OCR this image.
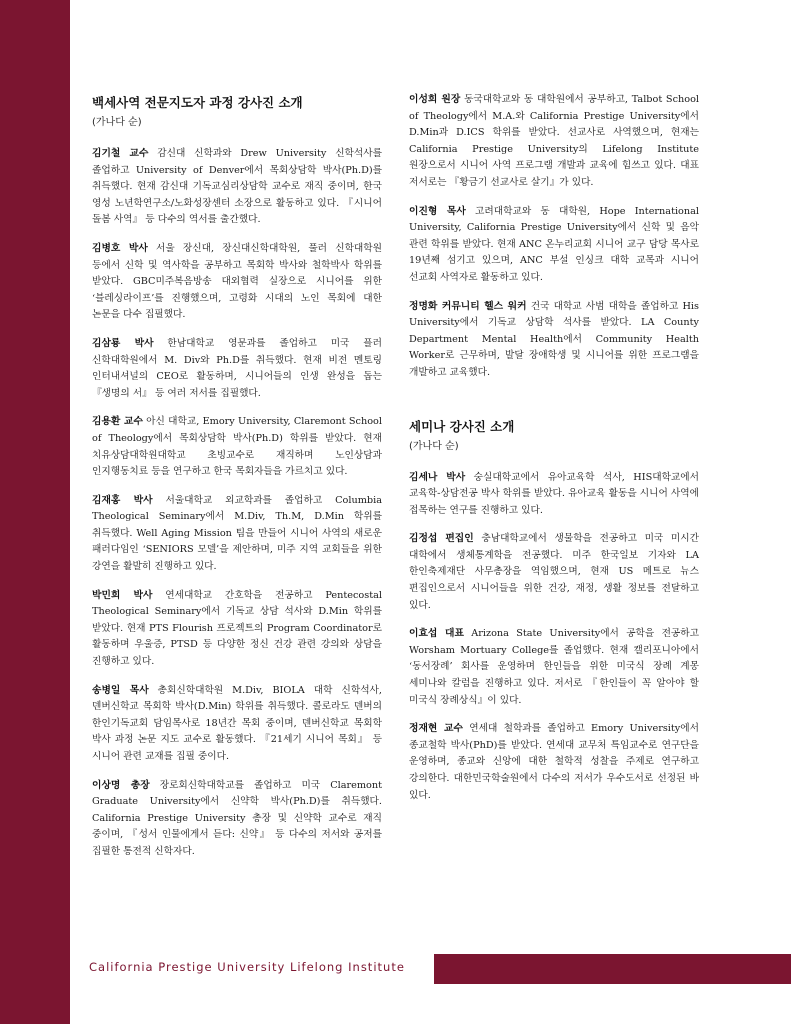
백세사역 전문지도자 과정 강사진 소개
(가나다 순)

김기철 교수 감신대 신학과와 Drew University 신학석사를 졸업하고 University of Denver에서 목회상담학 박사(Ph.D)를 취득했다. 현재 감신대 기독교심리상담학 교수로 재직 중이며, 한국 영성 노년학연구소/노화성장센터 소장으로 활동하고 있다. 『시니어 돌봄 사역』 등 다수의 역서를 출간했다.

김병호 박사 서울 장신대, 장신대신학대학원, 풀러 신학대학원 등에서 신학 및 역사학을 공부하고 목회학 박사와 철학박사 학위를 받았다. GBC미주복음방송 대외협력 실장으로 시니어를 위한 ‘블레싱라이프’를 진행했으며, 고령화 시대의 노인 목회에 대한 논문을 다수 집필했다.

김삼룡 박사 한남대학교 영문과를 졸업하고 미국 플러 신학대학원에서 M. Div와 Ph.D를 취득했다. 현재 비전 멘토링 인터내셔널의 CEO로 활동하며, 시니어들의 인생 완성을 돕는 『생명의 서』 등 여러 저서를 집필했다.

김용환 교수 아신 대학교, Emory University, Claremont School of Theology에서 목회상담학 박사(Ph.D) 학위를 받았다. 현재 치유상담대학원대학교 초빙교수로 재직하며 노인상담과 인지행동치료 등을 연구하고 한국 목회자들을 가르치고 있다.

김재홍 박사 서울대학교 외교학과를 졸업하고 Columbia Theological Seminary에서 M.Div, Th.M, D.Min 학위를 취득했다. Well Aging Mission 팀을 만들어 시니어 사역의 새로운 패러다임인 ‘SENIORS 모델’을 제안하며, 미주 지역 교회들을 위한 강연을 활발히 진행하고 있다.

박민희 박사 연세대학교 간호학을 전공하고 Pentecostal Theological Seminary에서 기독교 상담 석사와 D.Min 학위를 받았다. 현재 PTS Flourish 프로젝트의 Program Coordinator로 활동하며 우울증, PTSD 등 다양한 정신 건강 관련 강의와 상담을 진행하고 있다.

송병일 목사 총회신학대학원 M.Div, BIOLA 대학 신학석사, 덴버신학교 목회학 박사(D.Min) 학위를 취득했다. 콜로라도 덴버의 한인기독교회 담임목사로 18년간 목회 중이며, 덴버신학교 목회학 박사 과정 논문 지도 교수로 활동했다. 『21세기 시니어 목회』 등 시니어 관련 교재를 집필 중이다.

이상명 총장 장로회신학대학교를 졸업하고 미국 Claremont Graduate University에서 신약학 박사(Ph.D)를 취득했다. California Prestige University 총장 및 신약학 교수로 재직 중이며, 『성서 인물에게서 듣다: 신약』 등 다수의 저서와 공저를 집필한 통전적 신학자다.

이성희 원장 동국대학교와 동 대학원에서 공부하고, Talbot School of Theology에서 M.A.와 California Prestige University에서 D.Min과 D.ICS 학위를 받았다. 선교사로 사역했으며, 현재는 California Prestige University의 Lifelong Institute 원장으로서 시니어 사역 프로그램 개발과 교육에 힘쓰고 있다. 대표 저서로는 『황금기 선교사로 살기』가 있다.

이진형 목사 고려대학교와 동 대학원, Hope International University, California Prestige University에서 신학 및 음악 관련 학위를 받았다. 현재 ANC 온누리교회 시니어 교구 담당 목사로 19년째 섬기고 있으며, ANC 부설 인싱크 대학 교목과 시니어 선교회 사역자로 활동하고 있다.

정명화 커뮤니티 헬스 워커 건국 대학교 사범 대학을 졸업하고 His University에서 기독교 상담학 석사를 받았다. LA County Department Mental Health에서 Community Health Worker로 근무하며, 발달 장애학생 및 시니어를 위한 프로그램을 개발하고 교육했다.

세미나 강사진 소개
(가나다 순)

김세나 박사 숭실대학교에서 유아교육학 석사, HIS대학교에서 교육학-상담전공 박사 학위를 받았다. 유아교육 활동을 시니어 사역에 접목하는 연구를 진행하고 있다.

김정섭 편집인 충남대학교에서 생물학을 전공하고 미국 미시간 대학에서 생체통계학을 전공했다. 미주 한국일보 기자와 LA 한인축제재단 사무총장을 역임했으며, 현재 US 메트로 뉴스 편집인으로서 시니어들을 위한 건강, 재정, 생활 정보를 전달하고 있다.

이효섭 대표 Arizona State University에서 공학을 전공하고 Worsham Mortuary College를 졸업했다. 현재 캘리포니아에서 ‘동서장례’ 회사를 운영하며 한인들을 위한 미국식 장례 계몽 세미나와 칼럼을 진행하고 있다. 저서로 『한인들이 꼭 알아야 할 미국식 장례상식』이 있다.

정재현 교수 연세대 철학과를 졸업하고 Emory University에서 종교철학 박사(PhD)를 받았다. 연세대 교무처 특임교수로 연구단을 운영하며, 종교와 신앙에 대한 철학적 성찰을 주제로 연구하고 강의한다. 대한민국학술원에서 다수의 저서가 우수도서로 선정된 바 있다.

California Prestige University Lifelong Institute
